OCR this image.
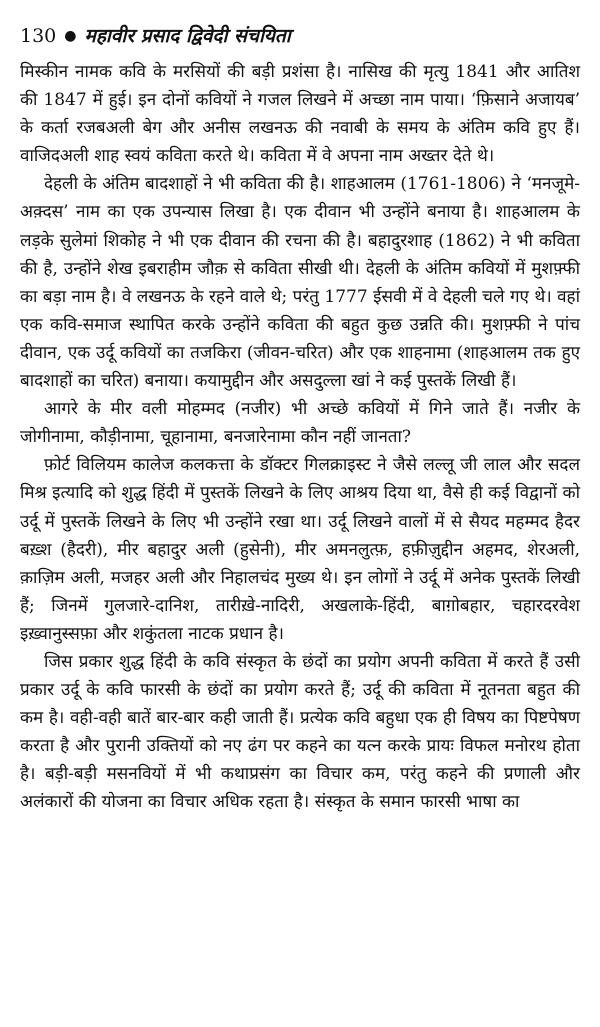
130 ● महावीर प्रसाद द्विवेदी संचयिता

मिस्कीन नामक कवि के मरसियों की बड़ी प्रशंसा है। नासिख की मृत्यु 1841 और आतिश की 1847 में हुई। इन दोनों कवियों ने गजल लिखने में अच्छा नाम पाया। ‘फ़िसाने अजायब’ के कर्ता रजबअली बेग और अनीस लखनऊ की नवाबी के समय के अंतिम कवि हुए हैं। वाजिदअली शाह स्वयं कविता करते थे। कविता में वे अपना नाम अख्तर देते थे।

देहली के अंतिम बादशाहों ने भी कविता की है। शाहआलम (1761-1806) ने ‘मनजूमे-अक़्दस’ नाम का एक उपन्यास लिखा है। एक दीवान भी उन्होंने बनाया है। शाहआलम के लड़के सुलेमां शिकोह ने भी एक दीवान की रचना की है। बहादुरशाह (1862) ने भी कविता की है, उन्होंने शेख इबराहीम जौक़ से कविता सीखी थी। देहली के अंतिम कवियों में मुशफ़्फी का बड़ा नाम है। वे लखनऊ के रहने वाले थे; परंतु 1777 ईसवी में वे देहली चले गए थे। वहां एक कवि-समाज स्थापित करके उन्होंने कविता की बहुत कुछ उन्नति की। मुशफ़्फी ने पांच दीवान, एक उर्दू कवियों का तजकिरा (जीवन-चरित) और एक शाहनामा (शाहआलम तक हुए बादशाहों का चरित) बनाया। कयामुद्दीन और असदुल्ला खां ने कई पुस्तकें लिखी हैं।

आगरे के मीर वली मोहम्मद (नजीर) भी अच्छे कवियों में गिने जाते हैं। नजीर के जोगीनामा, कौड़ीनामा, चूहानामा, बनजारेनामा कौन नहीं जानता?

फ़ोर्ट विलियम कालेज कलकत्ता के डॉक्टर गिलक्राइस्ट ने जैसे लल्लू जी लाल और सदल मिश्र इत्यादि को शुद्ध हिंदी में पुस्तकें लिखने के लिए आश्रय दिया था, वैसे ही कई विद्वानों को उर्दू में पुस्तकें लिखने के लिए भी उन्होंने रखा था। उर्दू लिखने वालों में से सैयद महम्मद हैदर बख़्श (हैदरी), मीर बहादुर अली (हुसेनी), मीर अमनलुत्फ़, हफ़ीज़ुद्दीन अहमद, शेरअली, क़ाज़िम अली, मजहर अली और निहालचंद मुख्य थे। इन लोगों ने उर्दू में अनेक पुस्तकें लिखी हैं; जिनमें गुलजारे-दानिश, तारीख़े-नादिरी, अखलाके-हिंदी, बाग़ोबहार, चहारदरवेश इख़्वानुस्सफ़ा और शकुंतला नाटक प्रधान है।

जिस प्रकार शुद्ध हिंदी के कवि संस्कृत के छंदों का प्रयोग अपनी कविता में करते हैं उसी प्रकार उर्दू के कवि फारसी के छंदों का प्रयोग करते हैं; उर्दू की कविता में नूतनता बहुत की कम है। वही-वही बातें बार-बार कही जाती हैं। प्रत्येक कवि बहुधा एक ही विषय का पिष्टपेषण करता है और पुरानी उक्तियों को नए ढंग पर कहने का यत्न करके प्रायः विफल मनोरथ होता है। बड़ी-बड़ी मसनवियों में भी कथाप्रसंग का विचार कम, परंतु कहने की प्रणाली और अलंकारों की योजना का विचार अधिक रहता है। संस्कृत के समान फारसी भाषा का
